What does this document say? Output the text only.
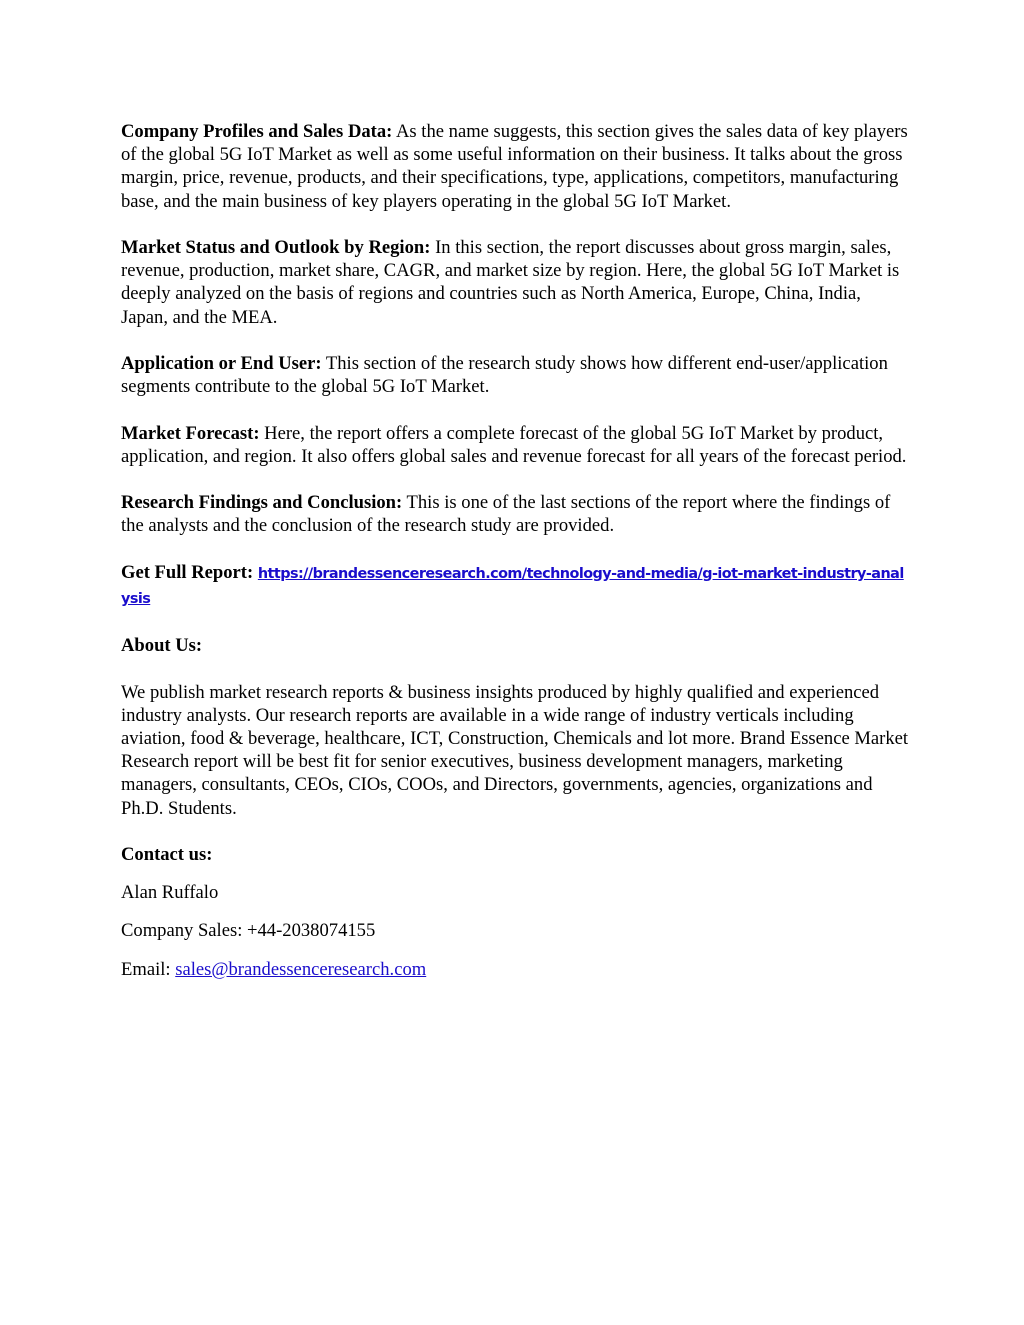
Company Profiles and Sales Data: As the name suggests, this section gives the sales data of key players of the global 5G IoT Market as well as some useful information on their business. It talks about the gross margin, price, revenue, products, and their specifications, type, applications, competitors, manufacturing base, and the main business of key players operating in the global 5G IoT Market.

Market Status and Outlook by Region: In this section, the report discusses about gross margin, sales, revenue, production, market share, CAGR, and market size by region. Here, the global 5G IoT Market is deeply analyzed on the basis of regions and countries such as North America, Europe, China, India, Japan, and the MEA.

Application or End User: This section of the research study shows how different end-user/application segments contribute to the global 5G IoT Market.

Market Forecast: Here, the report offers a complete forecast of the global 5G IoT Market by product, application, and region. It also offers global sales and revenue forecast for all years of the forecast period.

Research Findings and Conclusion: This is one of the last sections of the report where the findings of the analysts and the conclusion of the research study are provided.

Get Full Report: https://brandessenceresearch.com/technology-and-media/g-iot-market-industry-analysis

About Us:

We publish market research reports & business insights produced by highly qualified and experienced industry analysts. Our research reports are available in a wide range of industry verticals including aviation, food & beverage, healthcare, ICT, Construction, Chemicals and lot more. Brand Essence Market Research report will be best fit for senior executives, business development managers, marketing managers, consultants, CEOs, CIOs, COOs, and Directors, governments, agencies, organizations and Ph.D. Students.

Contact us:

Alan Ruffalo

Company Sales: +44-2038074155

Email: sales@brandessenceresearch.com
